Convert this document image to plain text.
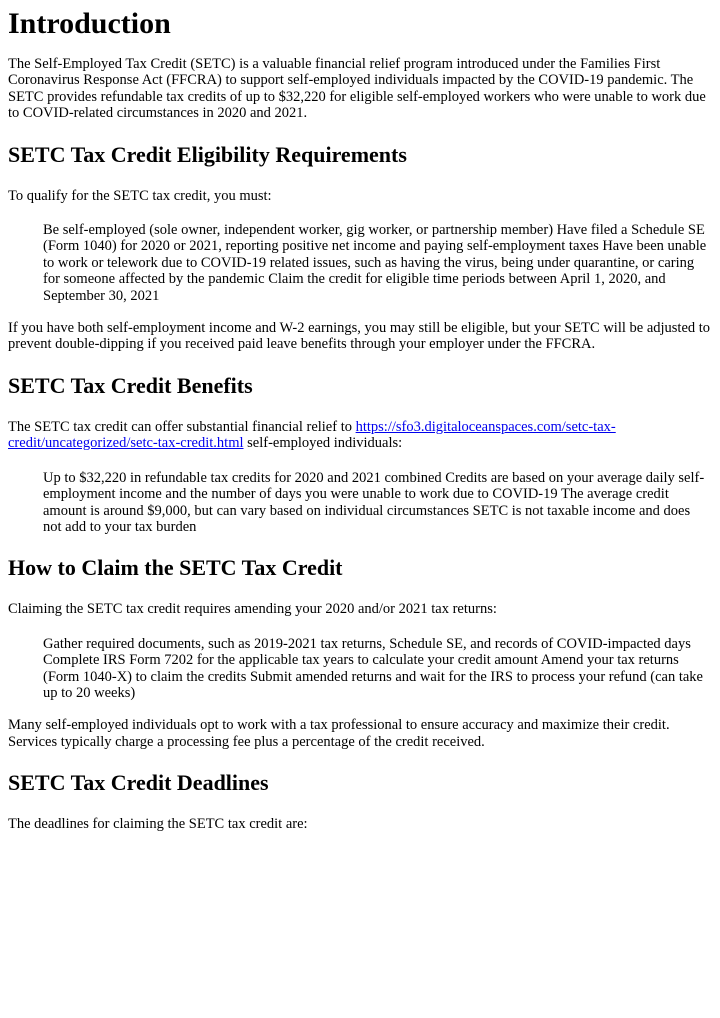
Introduction

The Self-Employed Tax Credit (SETC) is a valuable financial relief program introduced under the Families First Coronavirus Response Act (FFCRA) to support self-employed individuals impacted by the COVID-19 pandemic. The SETC provides refundable tax credits of up to $32,220 for eligible self-employed workers who were unable to work due to COVID-related circumstances in 2020 and 2021.

SETC Tax Credit Eligibility Requirements

To qualify for the SETC tax credit, you must:

Be self-employed (sole owner, independent worker, gig worker, or partnership member) Have filed a Schedule SE (Form 1040) for 2020 or 2021, reporting positive net income and paying self-employment taxes Have been unable to work or telework due to COVID-19 related issues, such as having the virus, being under quarantine, or caring for someone affected by the pandemic Claim the credit for eligible time periods between April 1, 2020, and September 30, 2021

If you have both self-employment income and W-2 earnings, you may still be eligible, but your SETC will be adjusted to prevent double-dipping if you received paid leave benefits through your employer under the FFCRA.

SETC Tax Credit Benefits

The SETC tax credit can offer substantial financial relief to https://sfo3.digitaloceanspaces.com/setc-tax-credit/uncategorized/setc-tax-credit.html self-employed individuals:

Up to $32,220 in refundable tax credits for 2020 and 2021 combined Credits are based on your average daily self-employment income and the number of days you were unable to work due to COVID-19 The average credit amount is around $9,000, but can vary based on individual circumstances SETC is not taxable income and does not add to your tax burden

How to Claim the SETC Tax Credit

Claiming the SETC tax credit requires amending your 2020 and/or 2021 tax returns:

Gather required documents, such as 2019-2021 tax returns, Schedule SE, and records of COVID-impacted days Complete IRS Form 7202 for the applicable tax years to calculate your credit amount Amend your tax returns (Form 1040-X) to claim the credits Submit amended returns and wait for the IRS to process your refund (can take up to 20 weeks)

Many self-employed individuals opt to work with a tax professional to ensure accuracy and maximize their credit. Services typically charge a processing fee plus a percentage of the credit received.

SETC Tax Credit Deadlines

The deadlines for claiming the SETC tax credit are:
